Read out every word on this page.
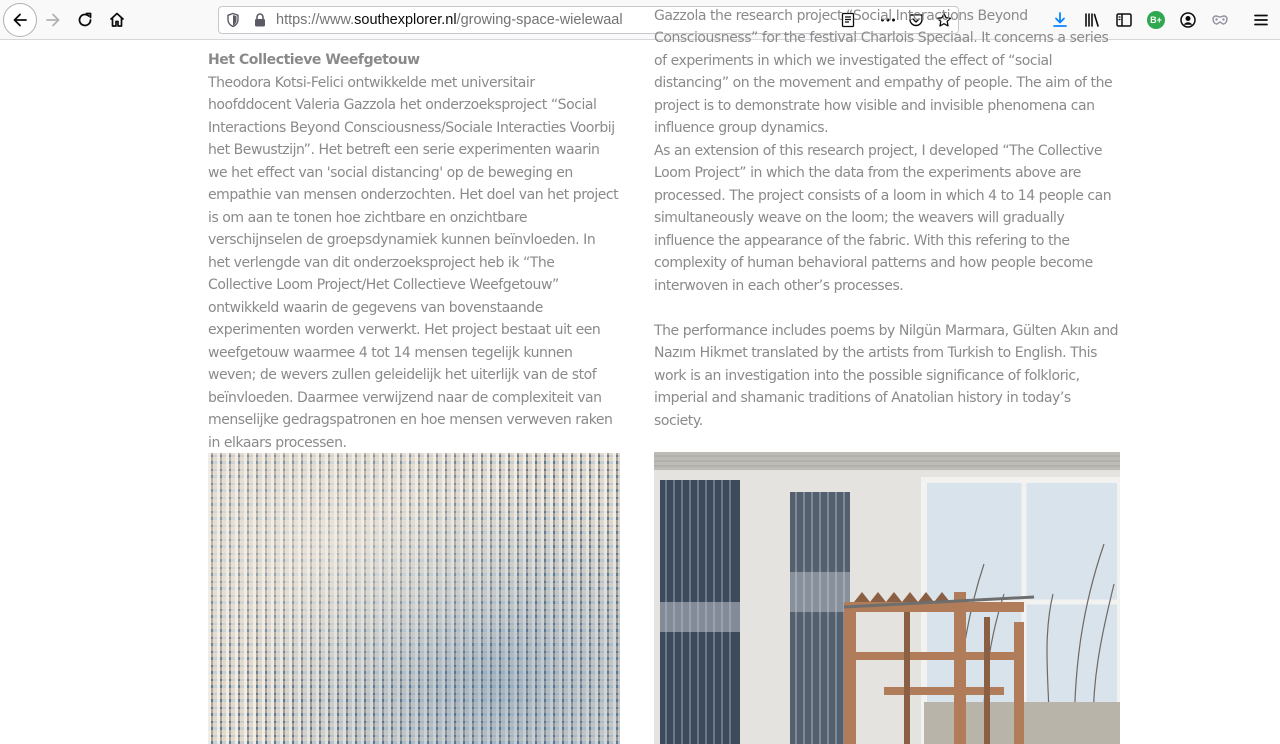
https://www.southexplorer.nl/growing-space-wielewaal	B+

Het Collectieve Weefgetouw

Theodora Kotsi-Felici ontwikkelde met universitair hoofddocent Valeria Gazzola het onderzoeksproject “Social Interactions Beyond Consciousness/Sociale Interacties Voorbij het Bewustzijn”. Het betreft een serie experimenten waarin we het effect van 'social distancing' op de beweging en empathie van mensen onderzochten. Het doel van het project is om aan te tonen hoe zichtbare en onzichtbare verschijnselen de groepsdynamiek kunnen beïnvloeden. In het verlengde van dit onderzoeksproject heb ik “The Collective Loom Project/Het Collectieve Weefgetouw” ontwikkeld waarin de gegevens van bovenstaande experimenten worden verwerkt. Het project bestaat uit een weefgetouw waarmee 4 tot 14 mensen tegelijk kunnen weven; de wevers zullen geleidelijk het uiterlijk van de stof beïnvloeden. Daarmee verwijzend naar de complexiteit van menselijke gedragspatronen en hoe mensen verweven raken in elkaars processen.

Gazzola the research project “Social Interactions Beyond Consciousness” for the festival Charlois Speciaal. It concerns a series of experiments in which we investigated the effect of “social distancing” on the movement and empathy of people. The aim of the project is to demonstrate how visible and invisible phenomena can influence group dynamics.

As an extension of this research project, I developed “The Collective Loom Project” in which the data from the experiments above are processed. The project consists of a loom in which 4 to 14 people can simultaneously weave on the loom; the weavers will gradually influence the appearance of the fabric. With this refering to the complexity of human behavioral patterns and how people become interwoven in each other’s processes.

The performance includes poems by Nilgün Marmara, Gülten Akın and Nazım Hikmet translated by the artists from Turkish to English. This work is an investigation into the possible significance of folkloric, imperial and shamanic traditions of Anatolian history in today’s society.
